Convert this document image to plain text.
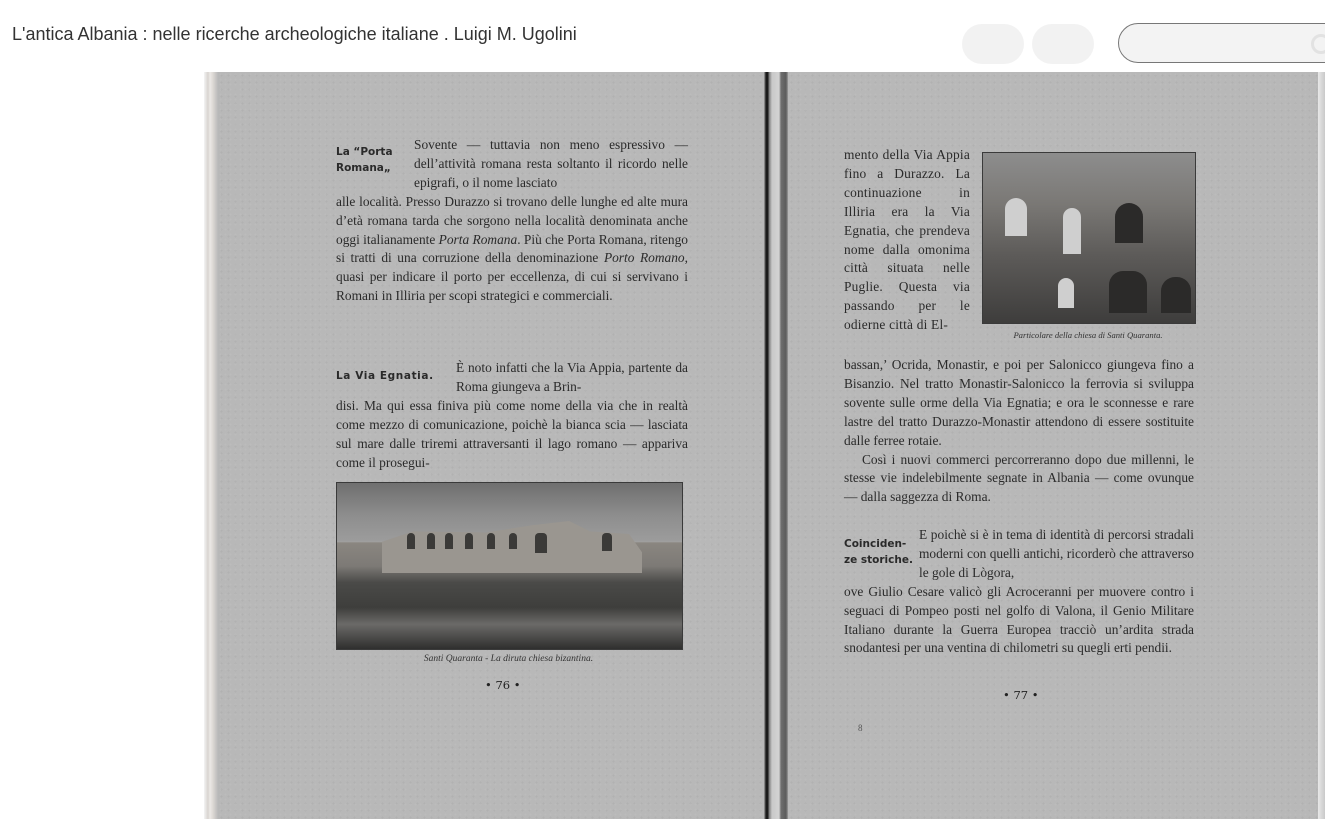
L'antica Albania : nelle ricerche archeologiche italiane . Luigi M. Ugolini
La “Porta Romana„
Sovente — tuttavia non meno espressivo — dell’attività romana resta soltanto il ricordo nelle epigrafi, o il nome lasciato
alle località. Presso Durazzo si trovano delle lunghe ed alte mura d’età romana tarda che sorgono nella località denominata anche oggi italianamente Porta Romana. Più che Porta Romana, ritengo si tratti di una corruzione della denominazione Porto Romano, quasi per indicare il porto per eccellenza, di cui si servivano i Romani in Illiria per scopi strategici e commerciali.
La Via Egnatia.
È noto infatti che la Via Appia, partente da Roma giungeva a Brin-
disi. Ma qui essa finiva più come nome della via che in realtà come mezzo di comunicazione, poichè la bianca scia — lasciata sul mare dalle triremi attraversanti il lago romano — appariva come il prosegui-
Santi Quaranta - La diruta chiesa bizantina.
• 76 •
mento della Via Appia fino a Durazzo. La continuazione in Illiria era la Via Egnatia, che prendeva nome dalla omonima città situata nelle Puglie. Questa via passando per le odierne città di El-
Particolare della chiesa di Santi Quaranta.
bassan,’ Ocrida, Monastir, e poi per Salonicco giungeva fino a Bisanzio. Nel tratto Monastir-Salonicco la ferrovia si sviluppa sovente sulle orme della Via Egnatia; e ora le sconnesse e rare lastre del tratto Durazzo-Monastir attendono di essere sostituite dalle ferree rotaie.
Così i nuovi commerci percorreranno dopo due millenni, le stesse vie indelebilmente segnate in Albania — come ovunque — dalla saggezza di Roma.
Coinciden-ze storiche.
E poichè si è in tema di identità di percorsi stradali moderni con quelli antichi, ricorderò che attraverso le gole di Lògora,
ove Giulio Cesare valicò gli Acroceranni per muovere contro i seguaci di Pompeo posti nel golfo di Valona, il Genio Militare Italiano durante la Guerra Europea tracciò un’ardita strada snodantesi per una ventina di chilometri su quegli erti pendii.
• 77 •
8
